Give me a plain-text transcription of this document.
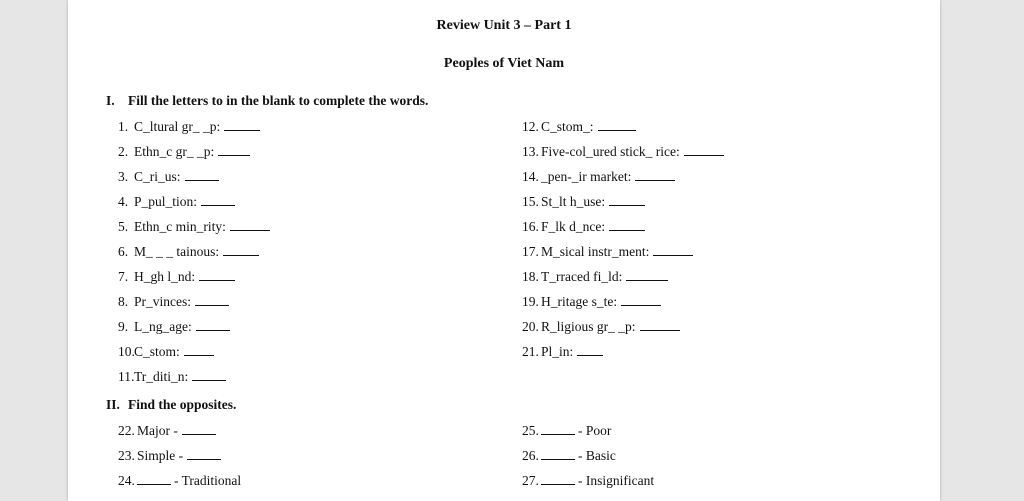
Review Unit 3 – Part 1
Peoples of Viet Nam
I. Fill the letters to in the blank to complete the words.
1. C_ltural gr_ _p:
2. Ethn_c gr_ _p:
3. C_ri_us:
4. P_pul_tion:
5. Ethn_c min_rity:
6. M_ _ _ tainous:
7. H_gh l_nd:
8. Pr_vinces:
9. L_ng_age:
10.C_stom:
11.Tr_diti_n:
12. C_stom_:
13. Five-col_ured stick_ rice:
14. _pen-_ir market:
15. St_lt h_use:
16. F_lk d_nce:
17. M_sical instr_ment:
18. T_rraced fi_ld:
19. H_ritage s_te:
20. R_ligious gr_ _p:
21. Pl_in:
II. Find the opposites.
22. Major -
23. Simple -
24.	- Traditional
25.	- Poor
26.	- Basic
27.	- Insignificant
